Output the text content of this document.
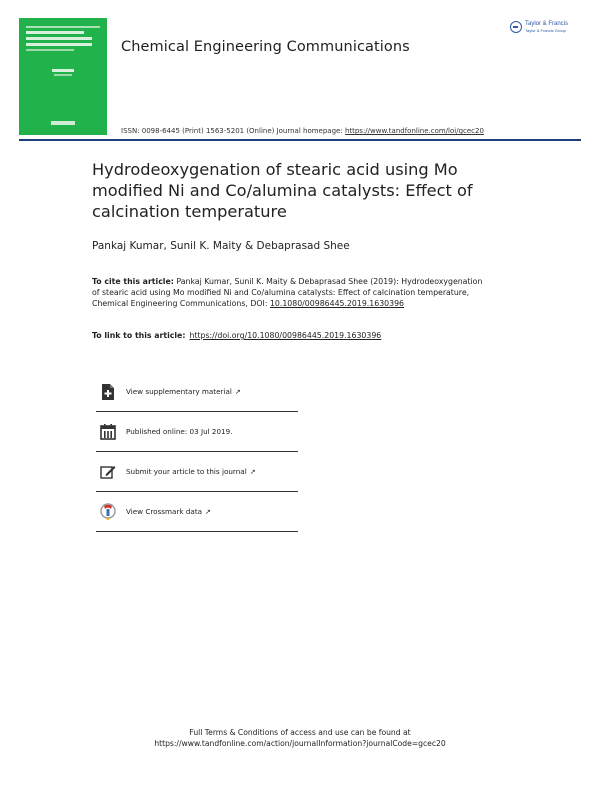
Chemical Engineering Communications
Taylor & Francis
Taylor & Francis Group
ISSN: 0098-6445 (Print) 1563-5201 (Online) Journal homepage: https://www.tandfonline.com/loi/gcec20
Hydrodeoxygenation of stearic acid using Mo modified Ni and Co/alumina catalysts: Effect of calcination temperature
Pankaj Kumar, Sunil K. Maity & Debaprasad Shee
To cite this article: Pankaj Kumar, Sunil K. Maity & Debaprasad Shee (2019): Hydrodeoxygenation of stearic acid using Mo modified Ni and Co/alumina catalysts: Effect of calcination temperature, Chemical Engineering Communications, DOI: 10.1080/00986445.2019.1630396
To link to this article: https://doi.org/10.1080/00986445.2019.1630396
View supplementary material ↗
Published online: 03 Jul 2019.
Submit your article to this journal ↗
View Crossmark data ↗
Full Terms & Conditions of access and use can be found at
https://www.tandfonline.com/action/journalInformation?journalCode=gcec20
